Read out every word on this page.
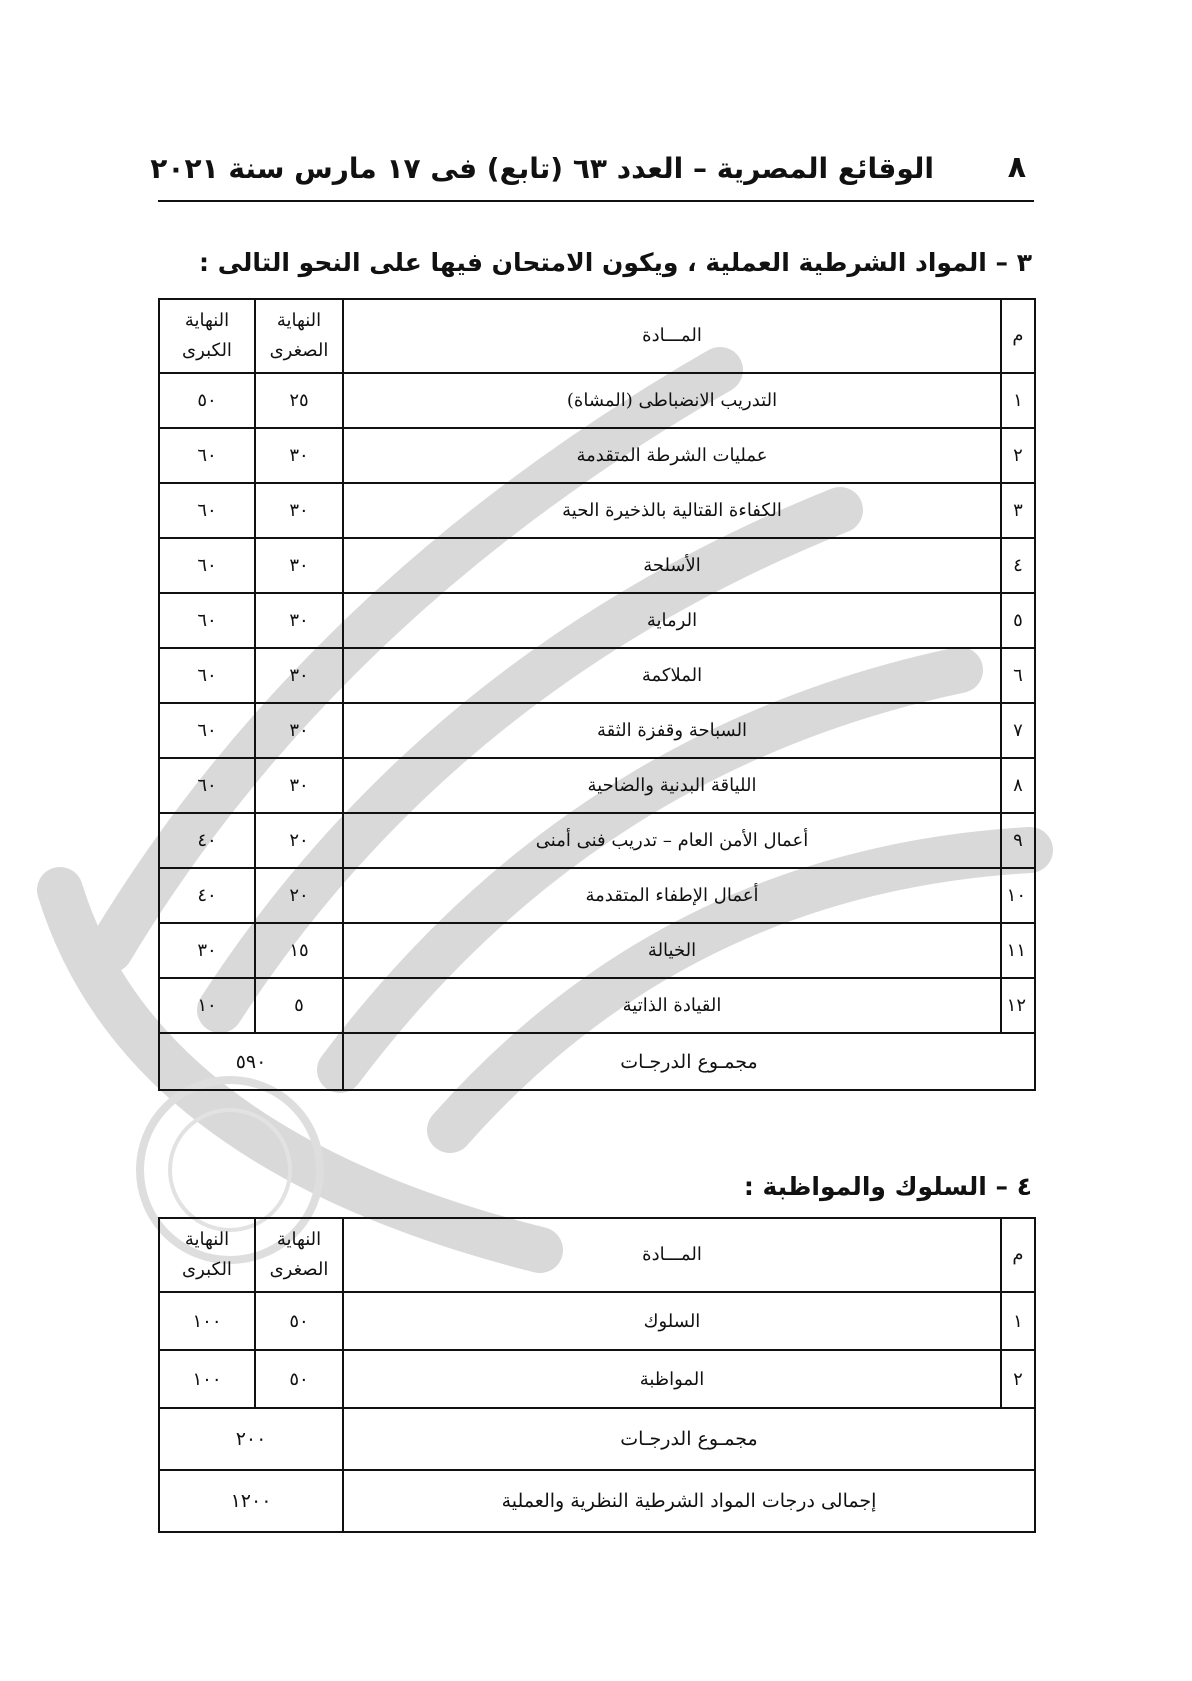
٨
الوقائع المصرية – العدد ٦٣ (تابع) فى ١٧ مارس سنة ٢٠٢١
٣ – المواد الشرطية العملية ، ويكون الامتحان فيها على النحو التالى :
م	المـــادة	النهاية الصغرى	النهاية الكبرى
١	التدريب الانضباطى (المشاة)	٢٥	٥٠
٢	عمليات الشرطة المتقدمة	٣٠	٦٠
٣	الكفاءة القتالية بالذخيرة الحية	٣٠	٦٠
٤	الأسلحة	٣٠	٦٠
٥	الرماية	٣٠	٦٠
٦	الملاكمة	٣٠	٦٠
٧	السباحة وقفزة الثقة	٣٠	٦٠
٨	اللياقة البدنية والضاحية	٣٠	٦٠
٩	أعمال الأمن العام – تدريب فنى أمنى	٢٠	٤٠
١٠	أعمال الإطفاء المتقدمة	٢٠	٤٠
١١	الخيالة	١٥	٣٠
١٢	القيادة الذاتية	٥	١٠
مجمـوع الدرجـات		٥٩٠	
٤ – السلوك والمواظبة :
م	المـــادة	النهاية الصغرى	النهاية الكبرى
١	السلوك	٥٠	١٠٠
٢	المواظبة	٥٠	١٠٠
مجمـوع الدرجـات		٢٠٠	
إجمالى درجات المواد الشرطية النظرية والعملية		١٢٠٠	
